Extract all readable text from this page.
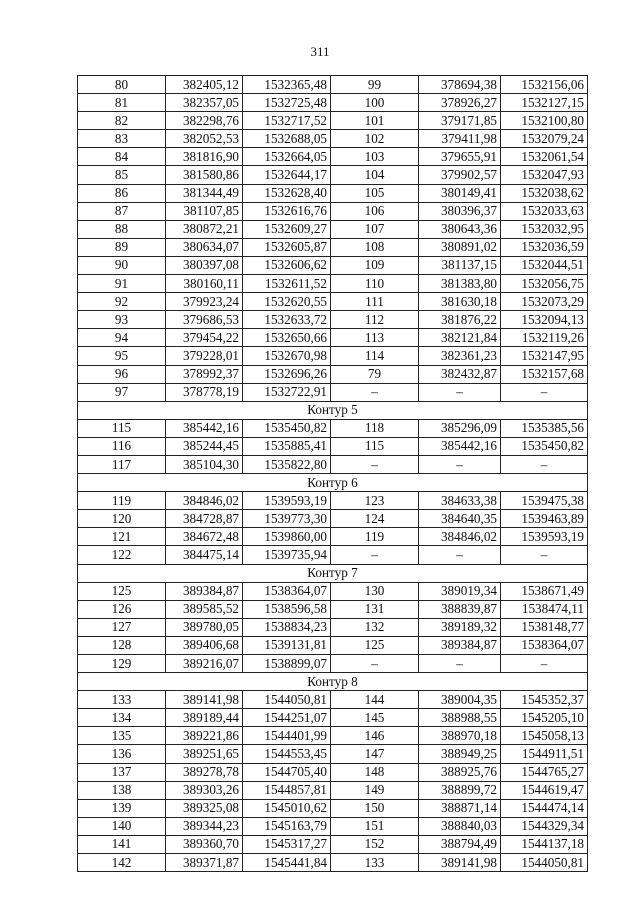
311
80	382405,12	1532365,48	99	378694,38	1532156,06
81	382357,05	1532725,48	100	378926,27	1532127,15
82	382298,76	1532717,52	101	379171,85	1532100,80
83	382052,53	1532688,05	102	379411,98	1532079,24
84	381816,90	1532664,05	103	379655,91	1532061,54
85	381580,86	1532644,17	104	379902,57	1532047,93
86	381344,49	1532628,40	105	380149,41	1532038,62
87	381107,85	1532616,76	106	380396,37	1532033,63
88	380872,21	1532609,27	107	380643,36	1532032,95
89	380634,07	1532605,87	108	380891,02	1532036,59
90	380397,08	1532606,62	109	381137,15	1532044,51
91	380160,11	1532611,52	110	381383,80	1532056,75
92	379923,24	1532620,55	111	381630,18	1532073,29
93	379686,53	1532633,72	112	381876,22	1532094,13
94	379454,22	1532650,66	113	382121,84	1532119,26
95	379228,01	1532670,98	114	382361,23	1532147,95
96	378992,37	1532696,26	79	382432,87	1532157,68
97	378778,19	1532722,91	–	–	–
Контур 5					
115	385442,16	1535450,82	118	385296,09	1535385,56
116	385244,45	1535885,41	115	385442,16	1535450,82
117	385104,30	1535822,80	–	–	–
Контур 6					
119	384846,02	1539593,19	123	384633,38	1539475,38
120	384728,87	1539773,30	124	384640,35	1539463,89
121	384672,48	1539860,00	119	384846,02	1539593,19
122	384475,14	1539735,94	–	–	–
Контур 7					
125	389384,87	1538364,07	130	389019,34	1538671,49
126	389585,52	1538596,58	131	388839,87	1538474,11
127	389780,05	1538834,23	132	389189,32	1538148,77
128	389406,68	1539131,81	125	389384,87	1538364,07
129	389216,07	1538899,07	–	–	–
Контур 8					
133	389141,98	1544050,81	144	389004,35	1545352,37
134	389189,44	1544251,07	145	388988,55	1545205,10
135	389221,86	1544401,99	146	388970,18	1545058,13
136	389251,65	1544553,45	147	388949,25	1544911,51
137	389278,78	1544705,40	148	388925,76	1544765,27
138	389303,26	1544857,81	149	388899,72	1544619,47
139	389325,08	1545010,62	150	388871,14	1544474,14
140	389344,23	1545163,79	151	388840,03	1544329,34
141	389360,70	1545317,27	152	388794,49	1544137,18
142	389371,87	1545441,84	133	389141,98	1544050,81
